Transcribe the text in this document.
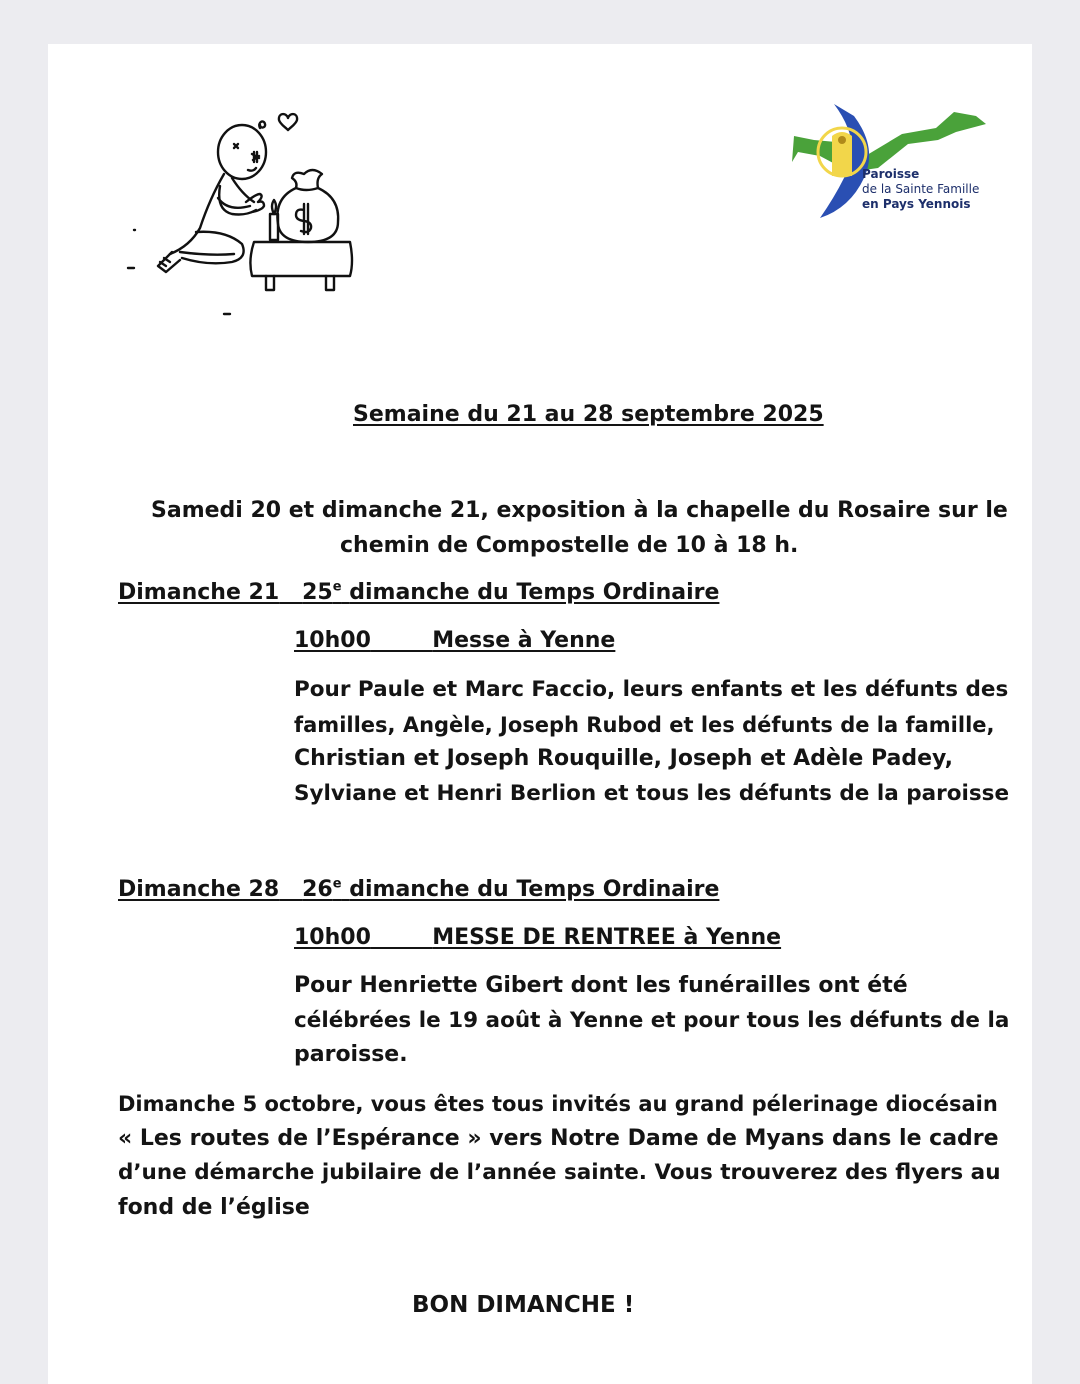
Paroisse
de la Sainte Famille
en Pays Yennois
Semaine du 21 au 28 septembre 2025
Samedi 20 et dimanche 21, exposition à la chapelle du Rosaire sur le
chemin de Compostelle de 10 à 18 h.
Dimanche 21 25e dimanche du Temps Ordinaire
10h00	Messe à Yenne
Pour Paule et Marc Faccio, leurs enfants et les défunts des
familles, Angèle, Joseph Rubod et les défunts de la famille,
Christian et Joseph Rouquille, Joseph et Adèle Padey,
Sylviane et Henri Berlion et tous les défunts de la paroisse
Dimanche 28 26e dimanche du Temps Ordinaire
10h00	MESSE DE RENTREE à Yenne
Pour Henriette Gibert dont les funérailles ont été
célébrées le 19 août à Yenne et pour tous les défunts de la
paroisse.
Dimanche 5 octobre, vous êtes tous invités au grand pélerinage diocésain
« Les routes de l’Espérance » vers Notre Dame de Myans dans le cadre
d’une démarche jubilaire de l’année sainte. Vous trouverez des flyers au
fond de l’église
BON DIMANCHE !
